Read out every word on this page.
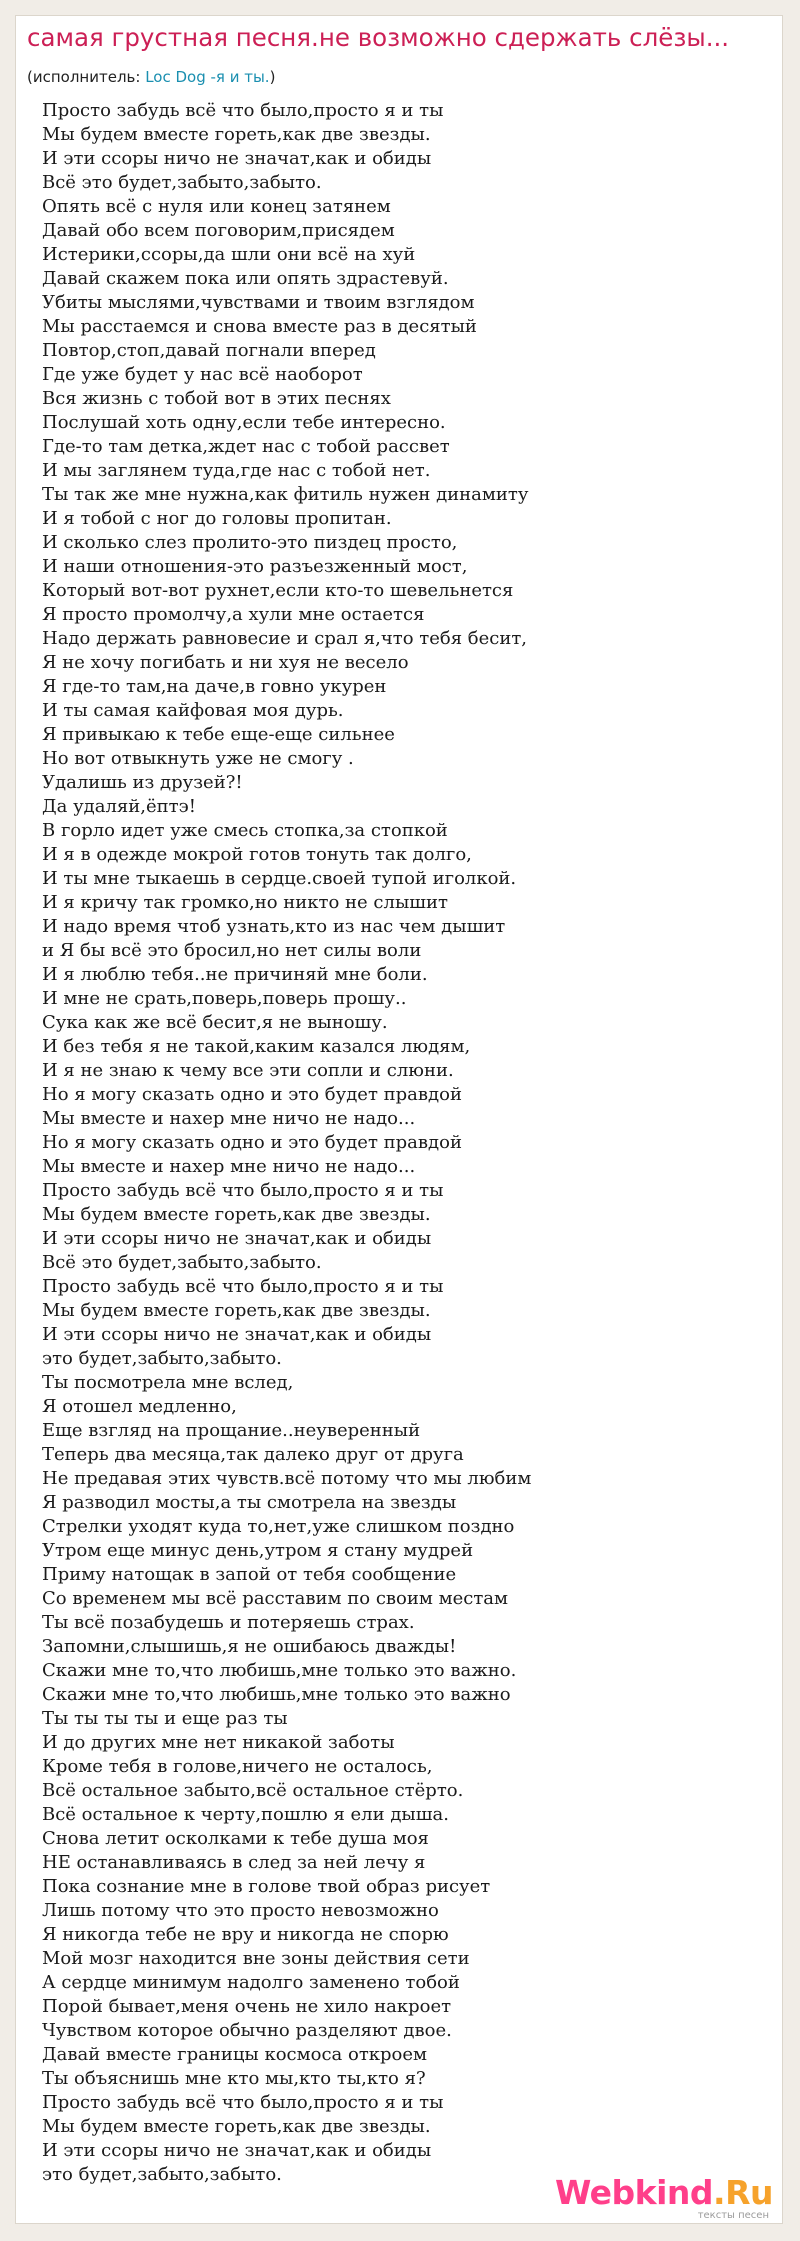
самая грустная песня.не возможно сдержать слёзы...
(исполнитель: Loc Dog -я и ты.)
Просто забудь всё что было,просто я и ты
Мы будем вместе гореть,как две звезды.
И эти ссоры ничо не значат,как и обиды
Всё это будет,забыто,забыто.
Опять всё с нуля или конец затянем
Давай обо всем поговорим,присядем
Истерики,ссоры,да шли они всё на хуй
Давай скажем пока или опять здрастевуй.
Убиты мыслями,чувствами и твоим взглядом
Мы расстаемся и снова вместе раз в десятый
Повтор,стоп,давай погнали вперед
Где уже будет у нас всё наоборот
Вся жизнь с тобой вот в этих песнях
Послушай хоть одну,если тебе интересно.
Где-то там детка,ждет нас с тобой рассвет
И мы заглянем туда,где нас с тобой нет.
Ты так же мне нужна,как фитиль нужен динамиту
И я тобой с ног до головы пропитан.
И сколько слез пролито-это пиздец просто,
И наши отношения-это разъезженный мост,
Который вот-вот рухнет,если кто-то шевельнется
Я просто промолчу,а хули мне остается
Надо держать равновесие и срал я,что тебя бесит,
Я не хочу погибать и ни хуя не весело
Я где-то там,на даче,в говно укурен
И ты самая кайфовая моя дурь.
Я привыкаю к тебе еще-еще сильнее
Но вот отвыкнуть уже не смогу .
Удалишь из друзей?!
Да удаляй,ёптэ!
В горло идет уже смесь стопка,за стопкой
И я в одежде мокрой готов тонуть так долго,
И ты мне тыкаешь в сердце.своей тупой иголкой.
И я кричу так громко,но никто не слышит
И надо время чтоб узнать,кто из нас чем дышит
и Я бы всё это бросил,но нет силы воли
И я люблю тебя..не причиняй мне боли.
И мне не срать,поверь,поверь прошу..
Сука как же всё бесит,я не выношу.
И без тебя я не такой,каким казался людям,
И я не знаю к чему все эти сопли и слюни.
Но я могу сказать одно и это будет правдой
Мы вместе и нахер мне ничо не надо...
Но я могу сказать одно и это будет правдой
Мы вместе и нахер мне ничо не надо...
Просто забудь всё что было,просто я и ты
Мы будем вместе гореть,как две звезды.
И эти ссоры ничо не значат,как и обиды
Всё это будет,забыто,забыто.
Просто забудь всё что было,просто я и ты
Мы будем вместе гореть,как две звезды.
И эти ссоры ничо не значат,как и обиды
это будет,забыто,забыто.
Ты посмотрела мне вслед,
Я отошел медленно,
Еще взгляд на прощание..неуверенный
Теперь два месяца,так далеко друг от друга
Не предавая этих чувств.всё потому что мы любим
Я разводил мосты,а ты смотрела на звезды
Стрелки уходят куда то,нет,уже слишком поздно
Утром еще минус день,утром я стану мудрей
Приму натощак в запой от тебя сообщение
Со временем мы всё расставим по своим местам
Ты всё позабудешь и потеряешь страх.
Запомни,слышишь,я не ошибаюсь дважды!
Скажи мне то,что любишь,мне только это важно.
Скажи мне то,что любишь,мне только это важно
Ты ты ты ты и еще раз ты
И до других мне нет никакой заботы
Кроме тебя в голове,ничего не осталось,
Всё остальное забыто,всё остальное стёрто.
Всё остальное к черту,пошлю я ели дыша.
Снова летит осколками к тебе душа моя
НЕ останавливаясь в след за ней лечу я
Пока сознание мне в голове твой образ рисует
Лишь потому что это просто невозможно
Я никогда тебе не вру и никогда не спорю
Мой мозг находится вне зоны действия сети
А сердце минимум надолго заменено тобой
Порой бывает,меня очень не хило накроет
Чувством которое обычно разделяют двое.
Давай вместе границы космоса откроем
Ты объяснишь мне кто мы,кто ты,кто я?
Просто забудь всё что было,просто я и ты
Мы будем вместе гореть,как две звезды.
И эти ссоры ничо не значат,как и обиды
это будет,забыто,забыто.	Webkind.Ru
тексты песен
